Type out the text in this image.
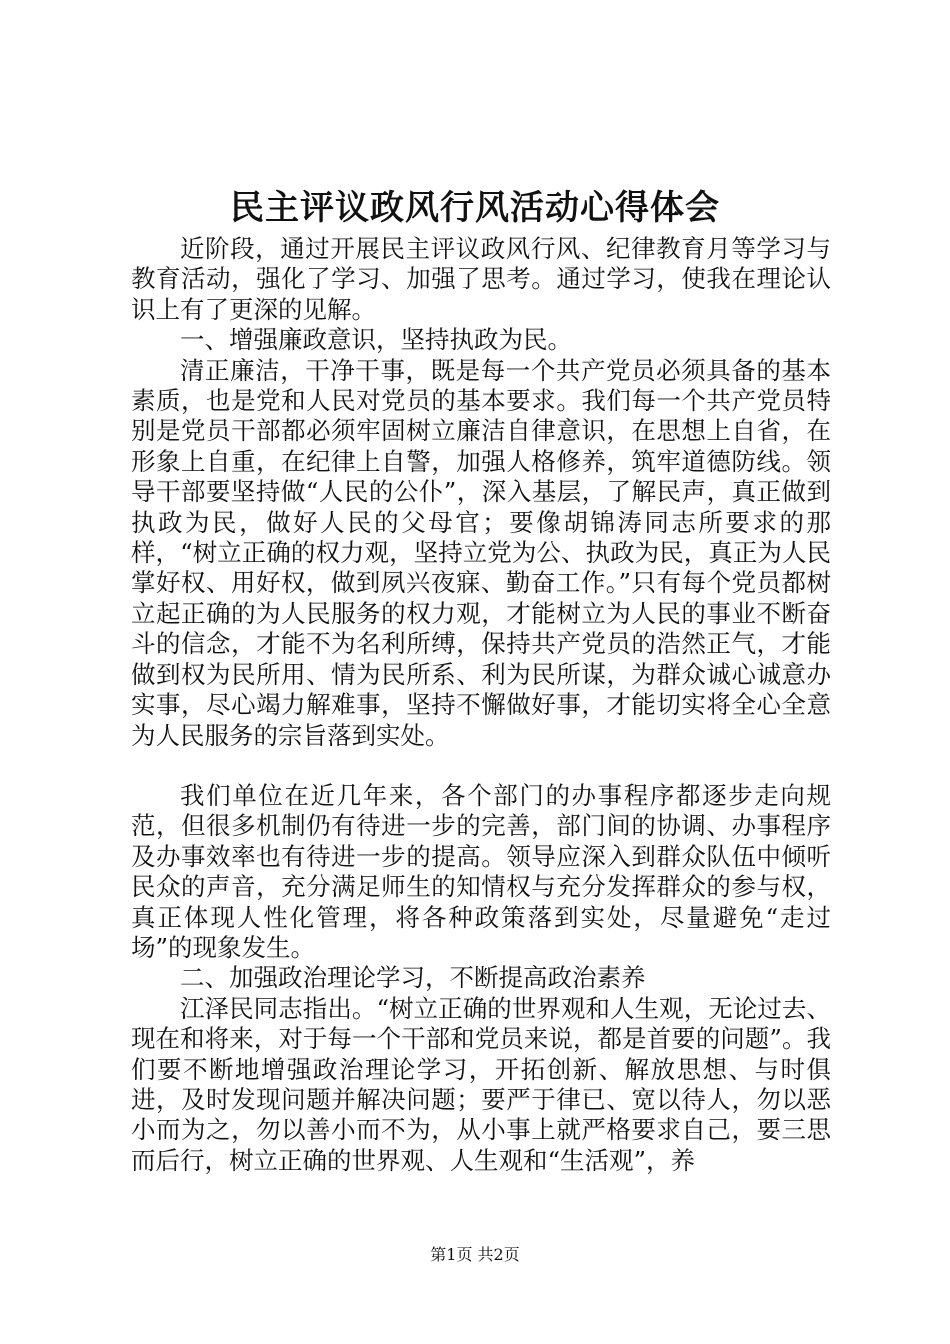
民主评议政风行风活动心得体会

近阶段，通过开展民主评议政风行风、纪律教育月等学习与教育活动，强化了学习、加强了思考。通过学习，使我在理论认识上有了更深的见解。

一、增强廉政意识，坚持执政为民。

清正廉洁，干净干事，既是每一个共产党员必须具备的基本素质，也是党和人民对党员的基本要求。我们每一个共产党员特别是党员干部都必须牢固树立廉洁自律意识，在思想上自省，在形象上自重，在纪律上自警，加强人格修养，筑牢道德防线。领导干部要坚持做“人民的公仆”，深入基层，了解民声，真正做到执政为民，做好人民的父母官；要像胡锦涛同志所要求的那样，“树立正确的权力观，坚持立党为公、执政为民，真正为人民掌好权、用好权，做到夙兴夜寐、勤奋工作。”只有每个党员都树立起正确的为人民服务的权力观，才能树立为人民的事业不断奋斗的信念，才能不为名利所缚，保持共产党员的浩然正气，才能做到权为民所用、情为民所系、利为民所谋，为群众诚心诚意办实事，尽心竭力解难事，坚持不懈做好事，才能切实将全心全意为人民服务的宗旨落到实处。

我们单位在近几年来，各个部门的办事程序都逐步走向规范，但很多机制仍有待进一步的完善，部门间的协调、办事程序及办事效率也有待进一步的提高。领导应深入到群众队伍中倾听民众的声音，充分满足师生的知情权与充分发挥群众的参与权，真正体现人性化管理，将各种政策落到实处，尽量避免“走过场”的现象发生。

二、加强政治理论学习，不断提高政治素养

江泽民同志指出。“树立正确的世界观和人生观，无论过去、现在和将来，对于每一个干部和党员来说，都是首要的问题”。我们要不断地增强政治理论学习，开拓创新、解放思想、与时俱进，及时发现问题并解决问题；要严于律已、宽以待人，勿以恶小而为之，勿以善小而不为，从小事上就严格要求自己，要三思而后行，树立正确的世界观、人生观和“生活观”，养

第1页 共2页
